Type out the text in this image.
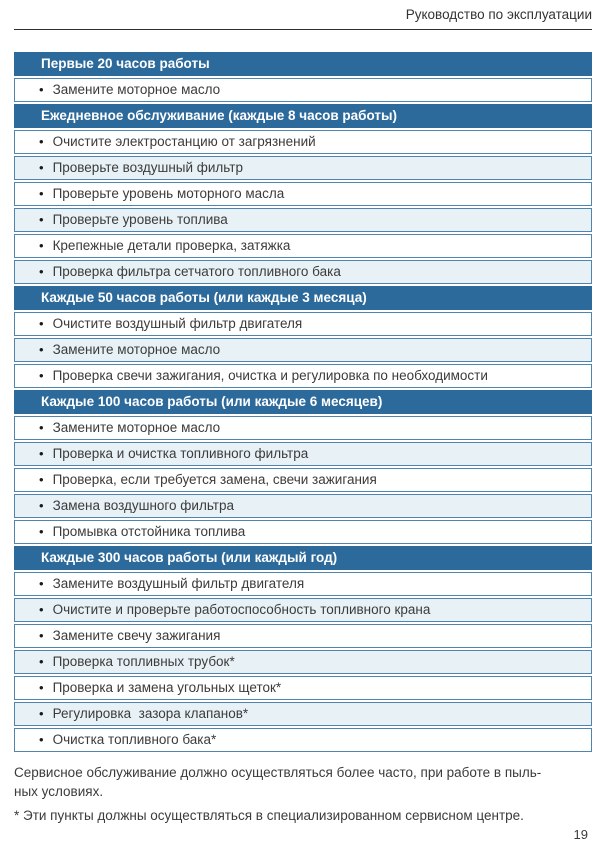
Руководство по эксплуатации
Первые 20 часов работы
• Замените моторное масло
Ежедневное обслуживание (каждые 8 часов работы)
• Очистите электростанцию от загрязнений
• Проверьте воздушный фильтр
• Проверьте уровень моторного масла
• Проверьте уровень топлива
• Крепежные детали проверка, затяжка
• Проверка фильтра сетчатого топливного бака
Каждые 50 часов работы (или каждые 3 месяца)
• Очистите воздушный фильтр двигателя
• Замените моторное масло
• Проверка свечи зажигания, очистка и регулировка по необходимости
Каждые 100 часов работы (или каждые 6 месяцев)
• Замените моторное масло
• Проверка и очистка топливного фильтра
• Проверка, если требуется замена, свечи зажигания
• Замена воздушного фильтра
• Промывка отстойника топлива
Каждые 300 часов работы (или каждый год)
• Замените воздушный фильтр двигателя
• Очистите и проверьте работоспособность топливного крана
• Замените свечу зажигания
• Проверка топливных трубок*
• Проверка и замена угольных щеток*
• Регулировка  зазора клапанов*
• Очистка топливного бака*

Сервисное обслуживание должно осуществляться более часто, при работе в пыль-
ных условиях.

* Эти пункты должны осуществляться в специализированном сервисном центре.

19
